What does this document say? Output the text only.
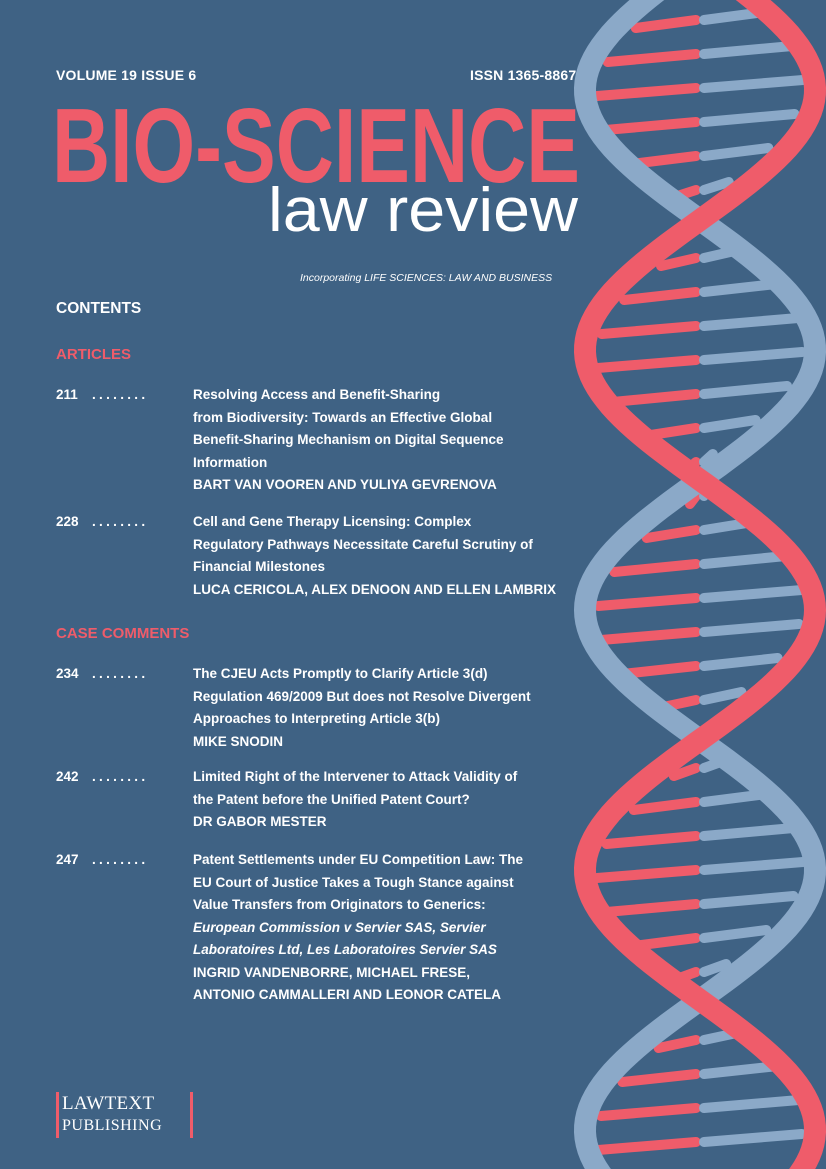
VOLUME 19 ISSUE 6	ISSN 1365-8867
BIO-SCIENCE
law review
Incorporating LIFE SCIENCES: LAW AND BUSINESS
CONTENTS
ARTICLES
211 ........	Resolving Access and Benefit-Sharing
from Biodiversity: Towards an Effective Global
Benefit-Sharing Mechanism on Digital Sequence
Information
BART VAN VOOREN AND YULIYA GEVRENOVA
228 ........	Cell and Gene Therapy Licensing: Complex
Regulatory Pathways Necessitate Careful Scrutiny of
Financial Milestones
LUCA CERICOLA, ALEX DENOON AND ELLEN LAMBRIX
CASE COMMENTS
234 ........	The CJEU Acts Promptly to Clarify Article 3(d)
Regulation 469/2009 But does not Resolve Divergent
Approaches to Interpreting Article 3(b)
MIKE SNODIN
242 ........	Limited Right of the Intervener to Attack Validity of
the Patent before the Unified Patent Court?
DR GABOR MESTER
247 ........	Patent Settlements under EU Competition Law: The
EU Court of Justice Takes a Tough Stance against
Value Transfers from Originators to Generics:
European Commission v Servier SAS, Servier
Laboratoires Ltd, Les Laboratoires Servier SAS
INGRID VANDENBORRE, MICHAEL FRESE,
ANTONIO CAMMALLERI AND LEONOR CATELA
LAWTEXT
PUBLISHING
